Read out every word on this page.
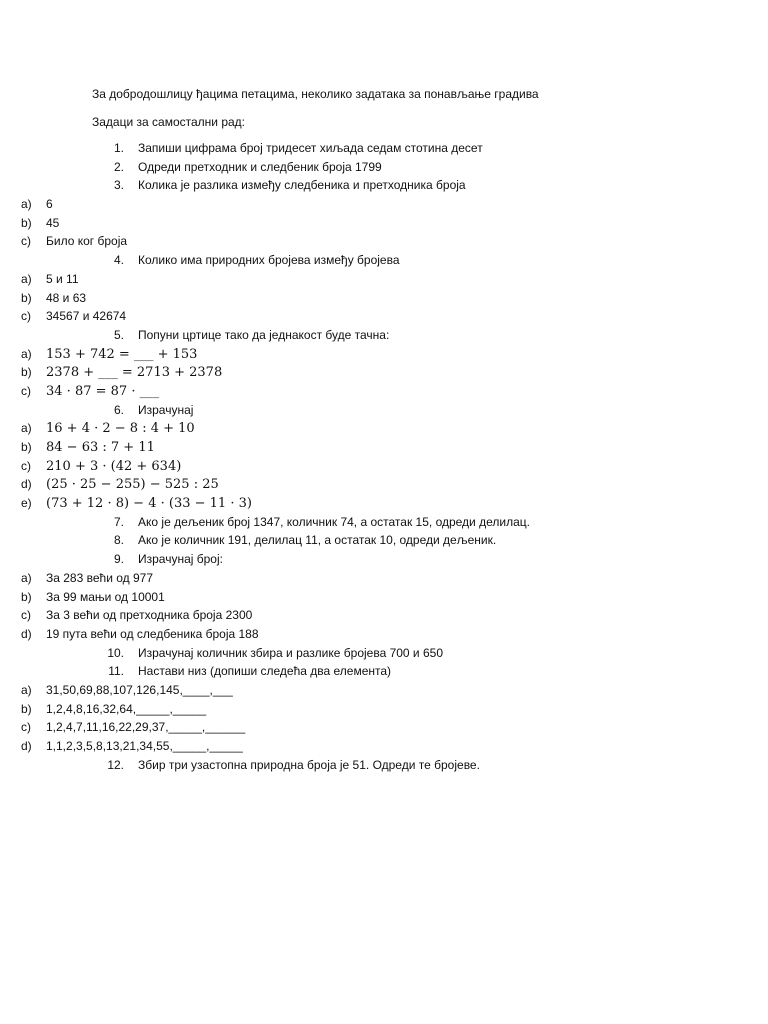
За добродошлицу ђацима петацима, неколико задатака за понављање градива
Задаци за самостални рад:
1. Запиши цифрама број тридесет хиљада седам стотина десет
2. Одреди претходник и следбеник броја 1799
3. Колика је разлика између следбеника и претходника броја
a) 6
b) 45
c) Било ког броја
4. Колико има природних бројева између бројева
a) 5 и 11
b) 48 и 63
c) 34567 и 42674
5. Попуни цртице тако да једнакост буде тачна:
a) 153 + 742 = ___ + 153
b) 2378 + ___ = 2713 + 2378
c) 34 · 87 = 87 · ___
6. Израчунај
a) 16 + 4 · 2 − 8 : 4 + 10
b) 84 − 63 : 7 + 11
c) 210 + 3 · (42 + 634)
d) (25 · 25 − 255) − 525 : 25
e) (73 + 12 · 8) − 4 · (33 − 11 · 3)
7. Ако је дељеник број 1347, количник 74, а остатак 15, одреди делилац.
8. Ако је количник 191, делилац 11, а остатак 10, одреди дељеник.
9. Израчунај број:
a) За 283 већи од 977
b) За 99 мањи од 10001
c) За 3 већи од претходника броја 2300
d) 19 пута већи од следбеника броја 188
10. Израчунај количник збира и разлике бројева 700 и 650
11. Настави низ (допиши следећа два елемента)
a) 31,50,69,88,107,126,145,____,___
b) 1,2,4,8,16,32,64,_____,_____
c) 1,2,4,7,11,16,22,29,37,_____,______
d) 1,1,2,3,5,8,13,21,34,55,_____,_____
12. Збир три узастопна природна броја је 51. Одреди те бројеве.
